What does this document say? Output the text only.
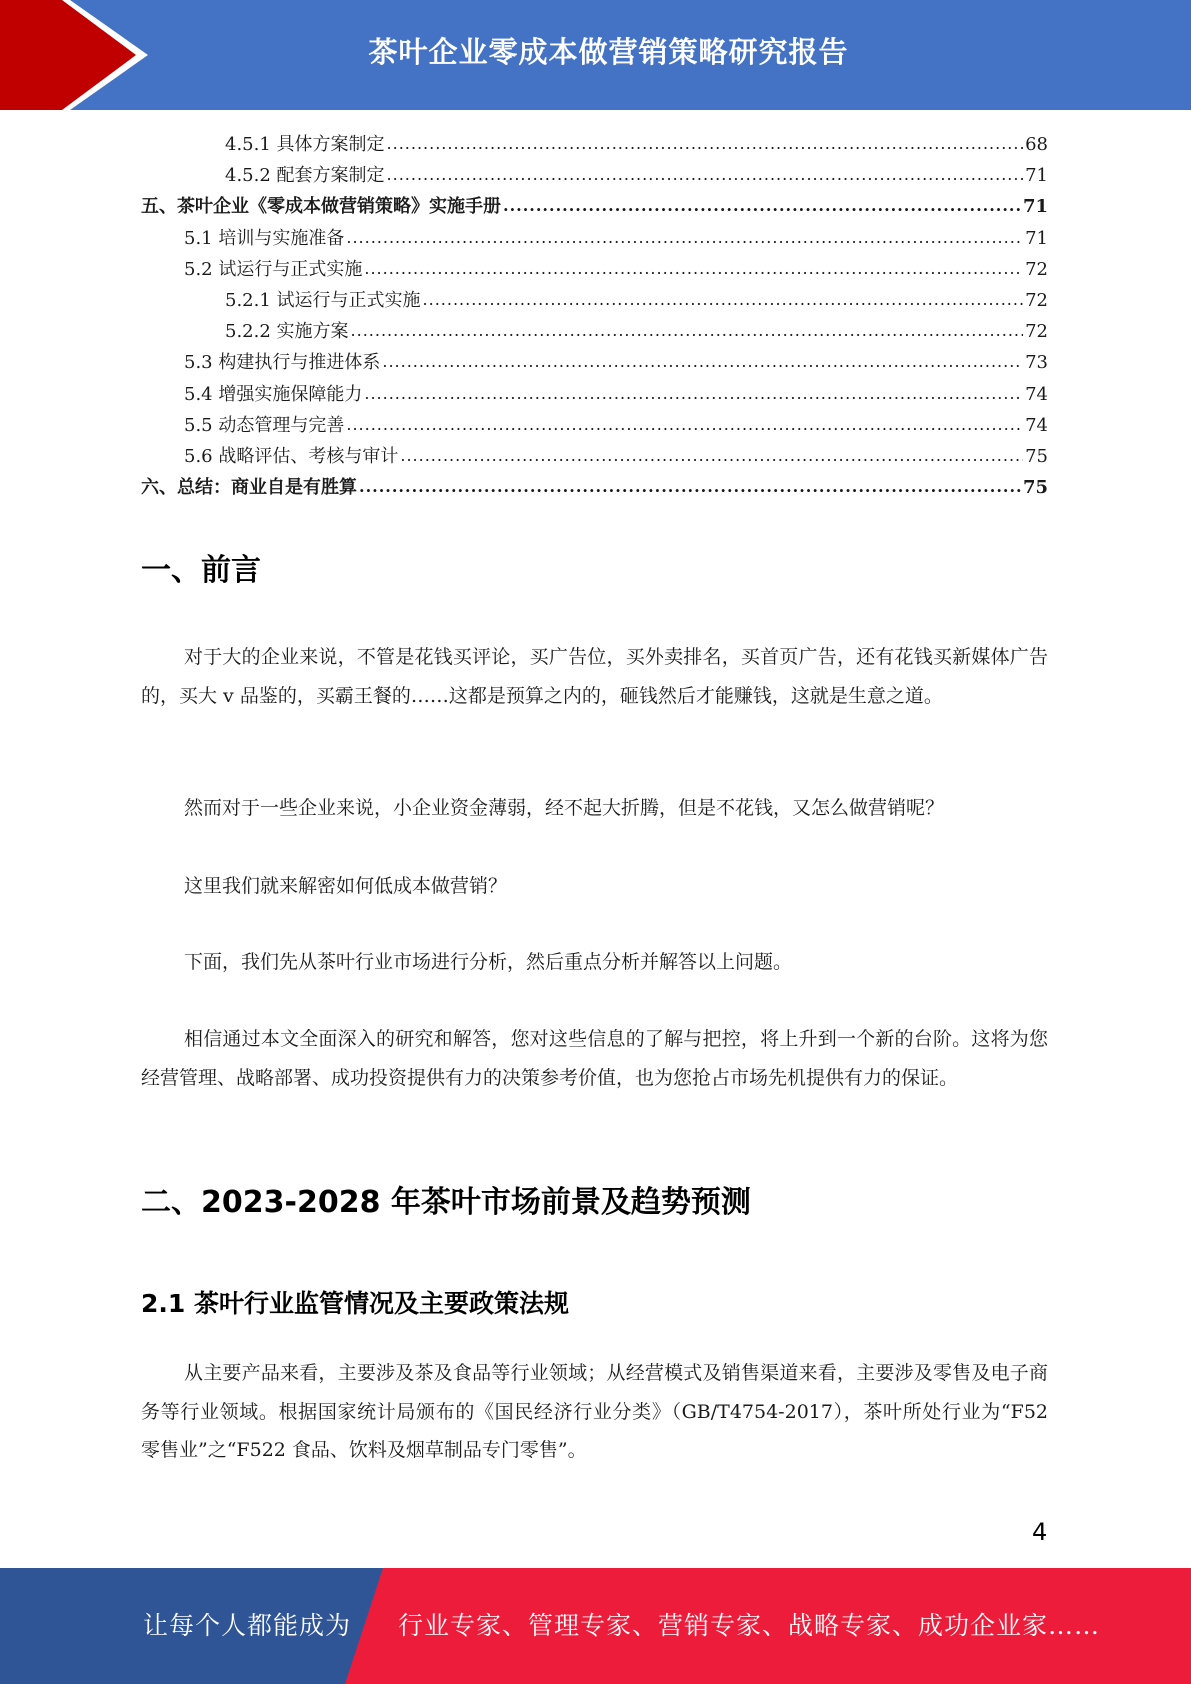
茶叶企业零成本做营销策略研究报告
4.5.1 具体方案制定 .....	68
4.5.2 配套方案制定 .....	71
五、茶叶企业《零成本做营销策略》实施手册 .....	71
5.1 培训与实施准备 .....	71
5.2 试运行与正式实施 .....	72
5.2.1 试运行与正式实施 .....	72
5.2.2 实施方案 .....	72
5.3 构建执行与推进体系 .....	73
5.4 增强实施保障能力 .....	74
5.5 动态管理与完善 .....	74
5.6 战略评估、考核与审计 .....	75
六、总结：商业自是有胜算 .....	75
一、前言
对于大的企业来说，不管是花钱买评论，买广告位，买外卖排名，买首页广告，还有花钱买新媒体广告的，买大 v 品鉴的，买霸王餐的……这都是预算之内的，砸钱然后才能赚钱，这就是生意之道。
然而对于一些企业来说，小企业资金薄弱，经不起大折腾，但是不花钱，又怎么做营销呢？
这里我们就来解密如何低成本做营销？
下面，我们先从茶叶行业市场进行分析，然后重点分析并解答以上问题。
相信通过本文全面深入的研究和解答，您对这些信息的了解与把控，将上升到一个新的台阶。这将为您经营管理、战略部署、成功投资提供有力的决策参考价值，也为您抢占市场先机提供有力的保证。
二、2023-2028 年茶叶市场前景及趋势预测
2.1 茶叶行业监管情况及主要政策法规
从主要产品来看，主要涉及茶及食品等行业领域；从经营模式及销售渠道来看，主要涉及零售及电子商务等行业领域。根据国家统计局颁布的《国民经济行业分类》（GB/T4754-2017），茶叶所处行业为“F52 零售业”之“F522 食品、饮料及烟草制品专门零售”。
4
让每个人都能成为 行业专家、管理专家、营销专家、战略专家、成功企业家……
